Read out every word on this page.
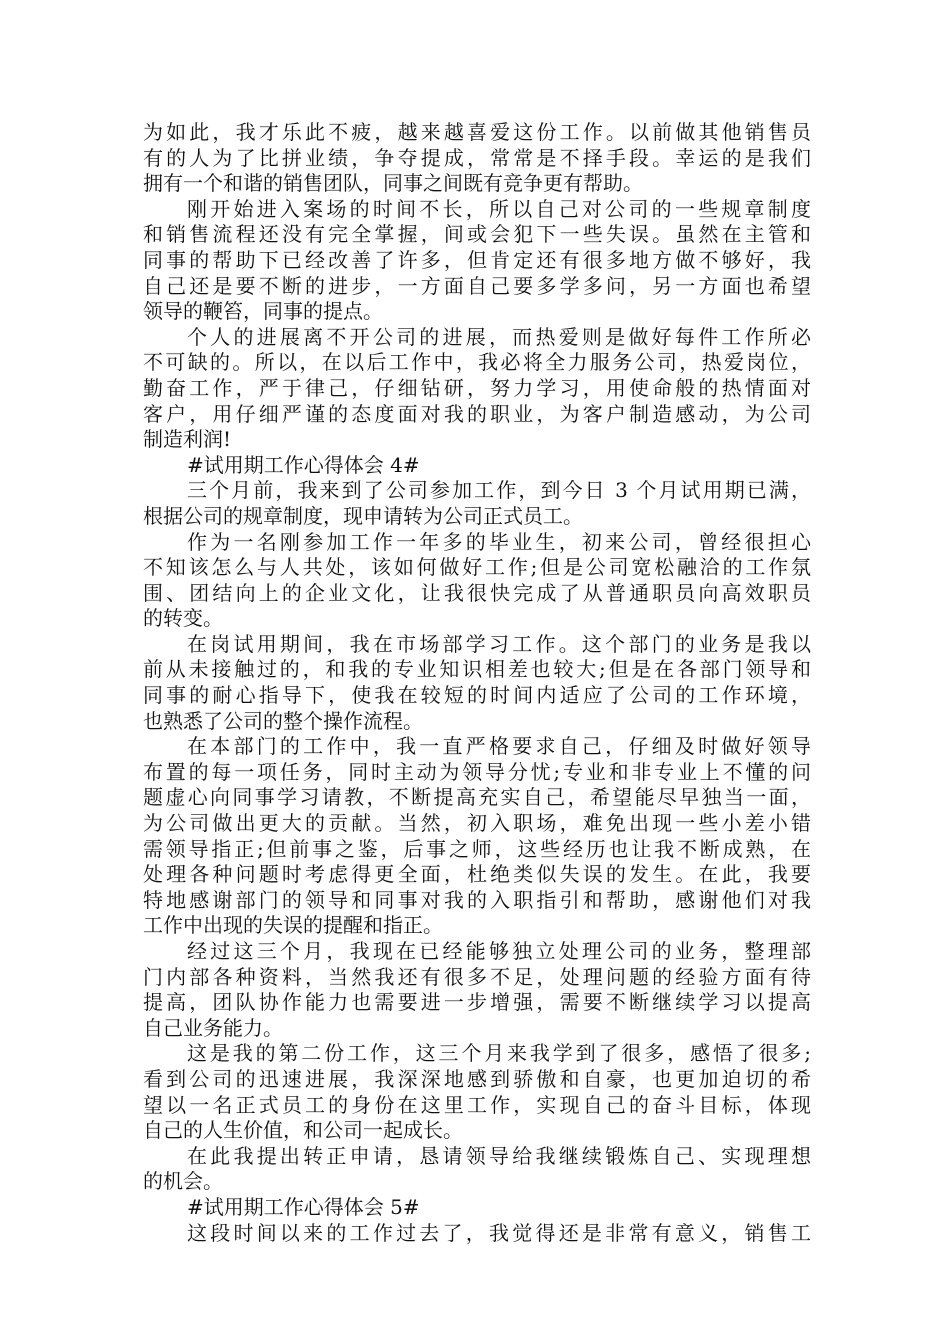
为如此，我才乐此不疲，越来越喜爱这份工作。以前做其他销售员
有的人为了比拼业绩，争夺提成，常常是不择手段。幸运的是我们
拥有一个和谐的销售团队，同事之间既有竞争更有帮助。
刚开始进入案场的时间不长，所以自己对公司的一些规章制度
和销售流程还没有完全掌握，间或会犯下一些失误。虽然在主管和
同事的帮助下已经改善了许多，但肯定还有很多地方做不够好，我
自己还是要不断的进步，一方面自己要多学多问，另一方面也希望
领导的鞭笞，同事的提点。
个人的进展离不开公司的进展，而热爱则是做好每件工作所必
不可缺的。所以，在以后工作中，我必将全力服务公司，热爱岗位，
勤奋工作，严于律己，仔细钻研，努力学习，用使命般的热情面对
客户，用仔细严谨的态度面对我的职业，为客户制造感动，为公司
制造利润!
#试用期工作心得体会 4#
三个月前，我来到了公司参加工作，到今日 3 个月试用期已满，
根据公司的规章制度，现申请转为公司正式员工。
作为一名刚参加工作一年多的毕业生，初来公司，曾经很担心
不知该怎么与人共处，该如何做好工作;但是公司宽松融洽的工作氛
围、团结向上的企业文化，让我很快完成了从普通职员向高效职员
的转变。
在岗试用期间，我在市场部学习工作。这个部门的业务是我以
前从未接触过的，和我的专业知识相差也较大;但是在各部门领导和
同事的耐心指导下，使我在较短的时间内适应了公司的工作环境，
也熟悉了公司的整个操作流程。
在本部门的工作中，我一直严格要求自己，仔细及时做好领导
布置的每一项任务，同时主动为领导分忧;专业和非专业上不懂的问
题虚心向同事学习请教，不断提高充实自己，希望能尽早独当一面，
为公司做出更大的贡献。当然，初入职场，难免出现一些小差小错
需领导指正;但前事之鉴，后事之师，这些经历也让我不断成熟，在
处理各种问题时考虑得更全面，杜绝类似失误的发生。在此，我要
特地感谢部门的领导和同事对我的入职指引和帮助，感谢他们对我
工作中出现的失误的提醒和指正。
经过这三个月，我现在已经能够独立处理公司的业务，整理部
门内部各种资料，当然我还有很多不足，处理问题的经验方面有待
提高，团队协作能力也需要进一步增强，需要不断继续学习以提高
自己业务能力。
这是我的第二份工作，这三个月来我学到了很多，感悟了很多;
看到公司的迅速进展，我深深地感到骄傲和自豪，也更加迫切的希
望以一名正式员工的身份在这里工作，实现自己的奋斗目标，体现
自己的人生价值，和公司一起成长。
在此我提出转正申请，恳请领导给我继续锻炼自己、实现理想
的机会。
#试用期工作心得体会 5#
这段时间以来的工作过去了，我觉得还是非常有意义，销售工
